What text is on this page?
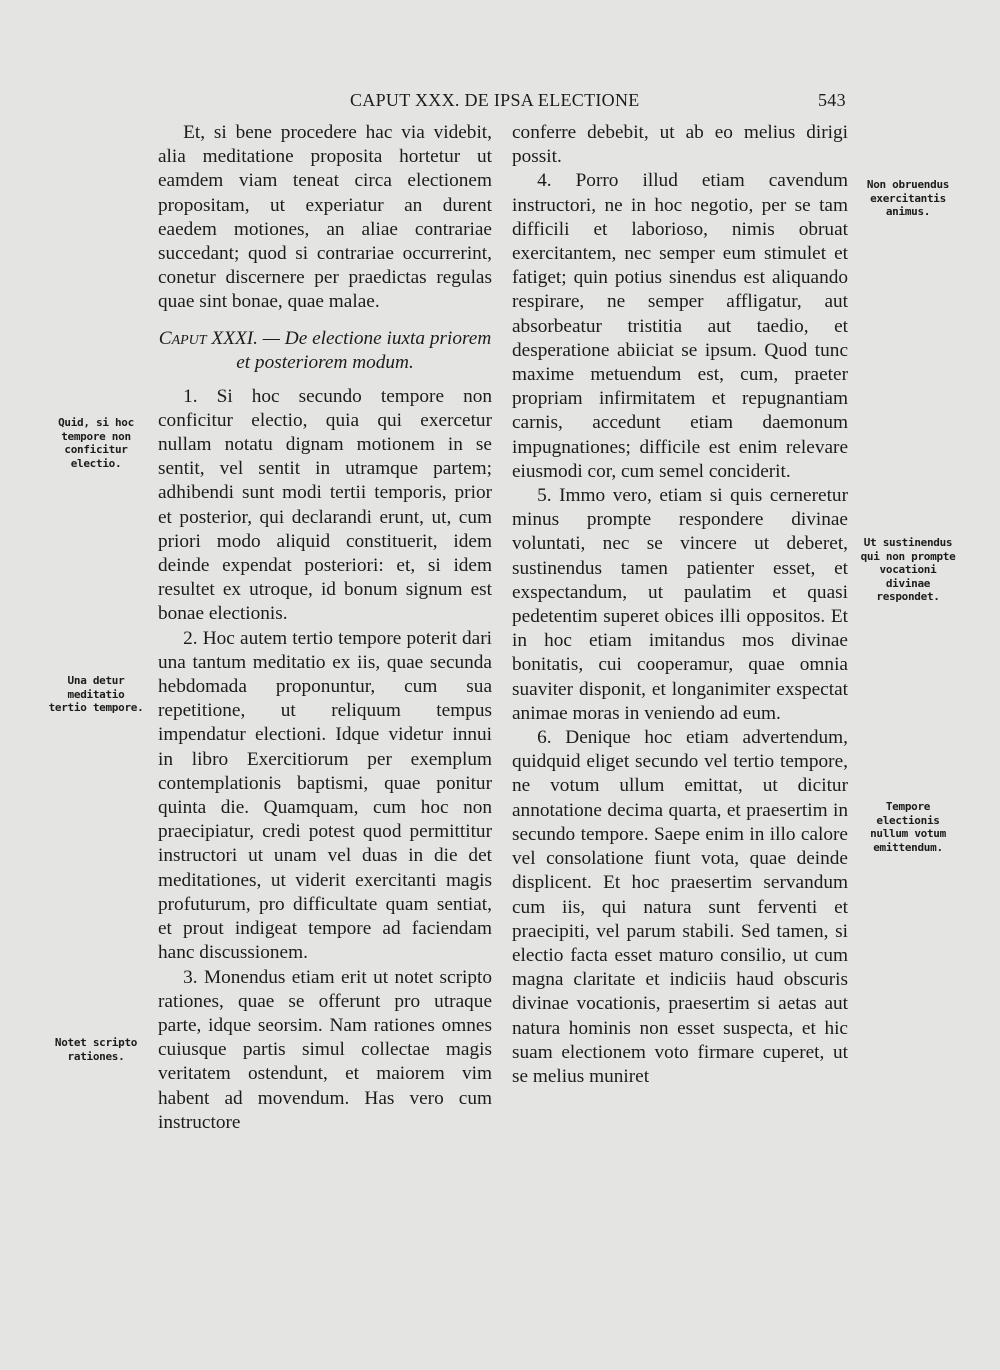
CAPUT XXX. DE IPSA ELECTIONE	543
Quid, si hoc tempore non conficitur electio.
Una detur meditatio tertio tempore.
Notet scripto rationes.
Non obruendus exercitantis animus.
Ut sustinendus qui non prompte vocationi divinae respondet.
Tempore electionis nullum votum emittendum.

Et, si bene procedere hac via videbit, alia meditatione proposita hortetur ut eamdem viam teneat circa electionem propositam, ut experiatur an durent eaedem motiones, an aliae contrariae succedant; quod si contrariae occurrerint, conetur discernere per praedictas regulas quae sint bonae, quae malae.

Caput XXXI. — De electione iuxta priorem et posteriorem modum.

1. Si hoc secundo tempore non conficitur electio, quia qui exercetur nullam notatu dignam motionem in se sentit, vel sentit in utramque partem; adhibendi sunt modi tertii temporis, prior et posterior, qui declarandi erunt, ut, cum priori modo aliquid constituerit, idem deinde expendat posteriori: et, si idem resultet ex utroque, id bonum signum est bonae electionis.

2. Hoc autem tertio tempore poterit dari una tantum meditatio ex iis, quae secunda hebdomada proponuntur, cum sua repetitione, ut reliquum tempus impendatur electioni. Idque videtur innui in libro Exercitiorum per exemplum contemplationis baptismi, quae ponitur quinta die. Quamquam, cum hoc non praecipiatur, credi potest quod permittitur instructori ut unam vel duas in die det meditationes, ut viderit exercitanti magis profuturum, pro difficultate quam sentiat, et prout indigeat tempore ad faciendam hanc discussionem.

3. Monendus etiam erit ut notet scripto rationes, quae se offerunt pro utraque parte, idque seorsim. Nam rationes omnes cuiusque partis simul collectae magis veritatem ostendunt, et maiorem vim habent ad movendum. Has vero cum instructore

conferre debebit, ut ab eo melius dirigi possit.

4. Porro illud etiam cavendum instructori, ne in hoc negotio, per se tam difficili et laborioso, nimis obruat exercitantem, nec semper eum stimulet et fatiget; quin potius sinendus est aliquando respirare, ne semper affligatur, aut absorbeatur tristitia aut taedio, et desperatione abiiciat se ipsum. Quod tunc maxime metuendum est, cum, praeter propriam infirmitatem et repugnantiam carnis, accedunt etiam daemonum impugnationes; difficile est enim relevare eiusmodi cor, cum semel conciderit.

5. Immo vero, etiam si quis cerneretur minus prompte respondere divinae voluntati, nec se vincere ut deberet, sustinendus tamen patienter esset, et exspectandum, ut paulatim et quasi pedetentim superet obices illi oppositos. Et in hoc etiam imitandus mos divinae bonitatis, cui cooperamur, quae omnia suaviter disponit, et longanimiter exspectat animae moras in veniendo ad eum.

6. Denique hoc etiam advertendum, quidquid eliget secundo vel tertio tempore, ne votum ullum emittat, ut dicitur annotatione decima quarta, et praesertim in secundo tempore. Saepe enim in illo calore vel consolatione fiunt vota, quae deinde displicent. Et hoc praesertim servandum cum iis, qui natura sunt ferventi et praecipiti, vel parum stabili. Sed tamen, si electio facta esset maturo consilio, ut cum magna claritate et indiciis haud obscuris divinae vocationis, praesertim si aetas aut natura hominis non esset suspecta, et hic suam electionem voto firmare cuperet, ut se melius muniret
